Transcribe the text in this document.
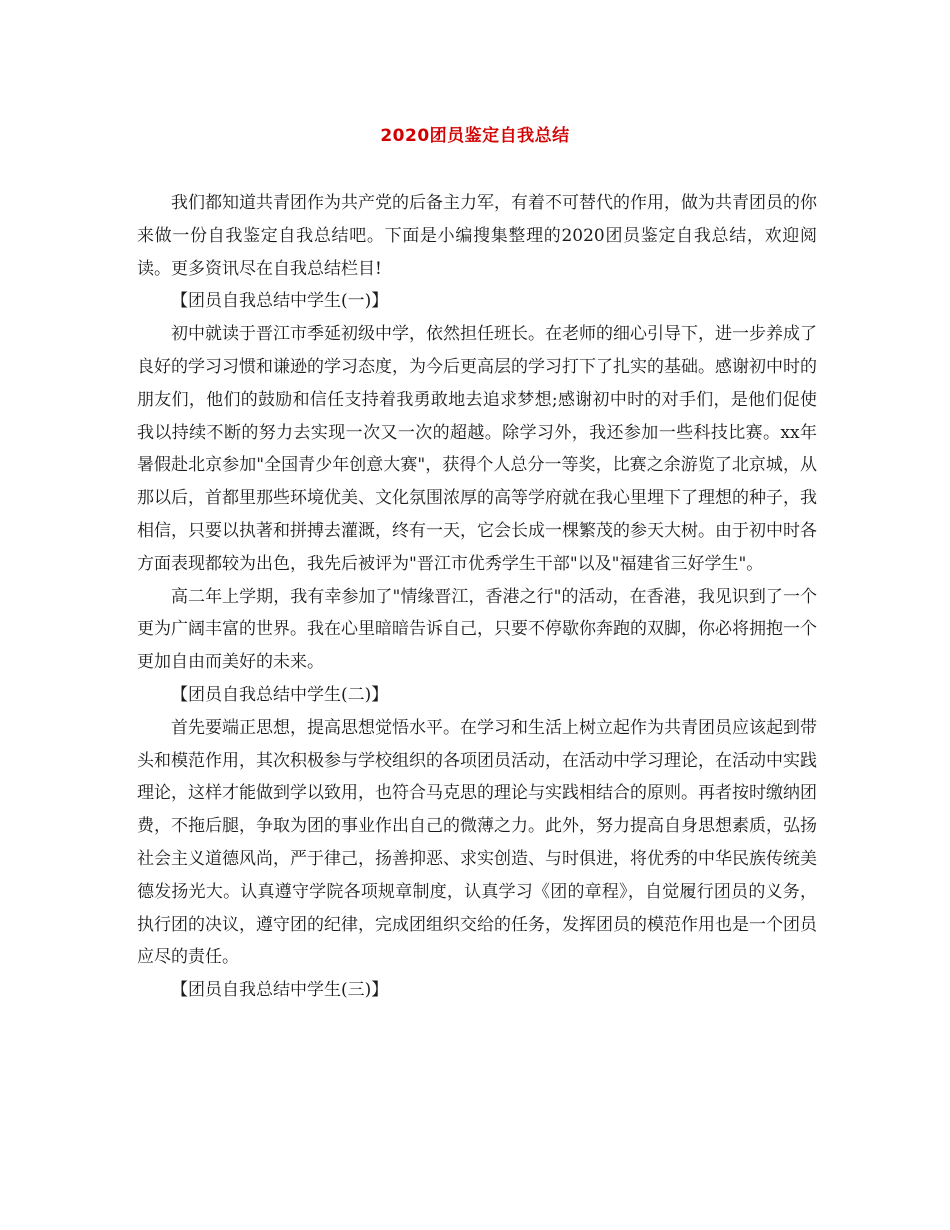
2020团员鉴定自我总结

我们都知道共青团作为共产党的后备主力军，有着不可替代的作用，做为共青团员的你来做一份自我鉴定自我总结吧。下面是小编搜集整理的2020团员鉴定自我总结，欢迎阅读。更多资讯尽在自我总结栏目!

【团员自我总结中学生(一)】

初中就读于晋江市季延初级中学，依然担任班长。在老师的细心引导下，进一步养成了良好的学习习惯和谦逊的学习态度，为今后更高层的学习打下了扎实的基础。感谢初中时的朋友们，他们的鼓励和信任支持着我勇敢地去追求梦想;感谢初中时的对手们，是他们促使我以持续不断的努力去实现一次又一次的超越。除学习外，我还参加一些科技比赛。xx年暑假赴北京参加"全国青少年创意大赛"，获得个人总分一等奖，比赛之余游览了北京城，从那以后，首都里那些环境优美、文化氛围浓厚的高等学府就在我心里埋下了理想的种子，我相信，只要以执著和拼搏去灌溉，终有一天，它会长成一棵繁茂的参天大树。由于初中时各方面表现都较为出色，我先后被评为"晋江市优秀学生干部"以及"福建省三好学生"。

高二年上学期，我有幸参加了"情缘晋江，香港之行"的活动，在香港，我见识到了一个更为广阔丰富的世界。我在心里暗暗告诉自己，只要不停歇你奔跑的双脚，你必将拥抱一个更加自由而美好的未来。

【团员自我总结中学生(二)】

首先要端正思想，提高思想觉悟水平。在学习和生活上树立起作为共青团员应该起到带头和模范作用，其次积极参与学校组织的各项团员活动，在活动中学习理论，在活动中实践理论，这样才能做到学以致用，也符合马克思的理论与实践相结合的原则。再者按时缴纳团费，不拖后腿，争取为团的事业作出自己的微薄之力。此外，努力提高自身思想素质，弘扬社会主义道德风尚，严于律己，扬善抑恶、求实创造、与时俱进，将优秀的中华民族传统美德发扬光大。认真遵守学院各项规章制度，认真学习《团的章程》，自觉履行团员的义务，执行团的决议，遵守团的纪律，完成团组织交给的任务，发挥团员的模范作用也是一个团员应尽的责任。

【团员自我总结中学生(三)】
